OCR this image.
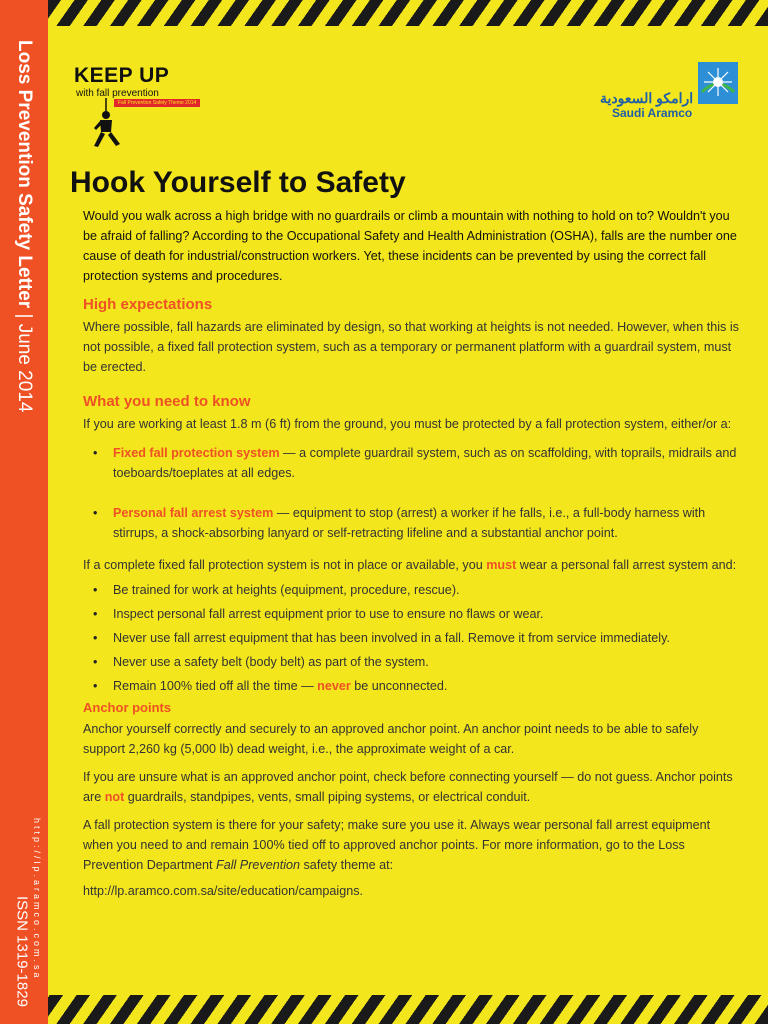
Loss Prevention Safety Letter | June 2014
http://lp.aramco.com.sa
ISSN 1319-1829
KEEP UP
with fall prevention
Fall Prevention Safety Theme 2014	ارامكو السعودية
Saudi Aramco
Hook Yourself to Safety

Would you walk across a high bridge with no guardrails or climb a mountain with nothing to hold on to? Wouldn't you be afraid of falling? According to the Occupational Safety and Health Administration (OSHA), falls are the number one cause of death for industrial/construction workers. Yet, these incidents can be prevented by using the correct fall protection systems and procedures.

High expectations

Where possible, fall hazards are eliminated by design, so that working at heights is not needed. However, when this is not possible, a fixed fall protection system, such as a temporary or permanent platform with a guardrail system, must be erected.

What you need to know

If you are working at least 1.8 m (6 ft) from the ground, you must be protected by a fall protection system, either/or a:

• Fixed fall protection system — a complete guardrail system, such as on scaffolding, with toprails, midrails and toeboards/toeplates at all edges.
• Personal fall arrest system — equipment to stop (arrest) a worker if he falls, i.e., a full-body harness with stirrups, a shock-absorbing lanyard or self-retracting lifeline and a substantial anchor point.

If a complete fixed fall protection system is not in place or available, you must wear a personal fall arrest system and:

• Be trained for work at heights (equipment, procedure, rescue).
• Inspect personal fall arrest equipment prior to use to ensure no flaws or wear.
• Never use fall arrest equipment that has been involved in a fall. Remove it from service immediately.
• Never use a safety belt (body belt) as part of the system.
• Remain 100% tied off all the time — never be unconnected.
Anchor points

Anchor yourself correctly and securely to an approved anchor point. An anchor point needs to be able to safely support 2,260 kg (5,000 lb) dead weight, i.e., the approximate weight of a car.

If you are unsure what is an approved anchor point, check before connecting yourself — do not guess. Anchor points are not guardrails, standpipes, vents, small piping systems, or electrical conduit.

A fall protection system is there for your safety; make sure you use it. Always wear personal fall arrest equipment when you need to and remain 100% tied off to approved anchor points. For more information, go to the Loss Prevention Department Fall Prevention safety theme at:

http://lp.aramco.com.sa/site/education/campaigns.
